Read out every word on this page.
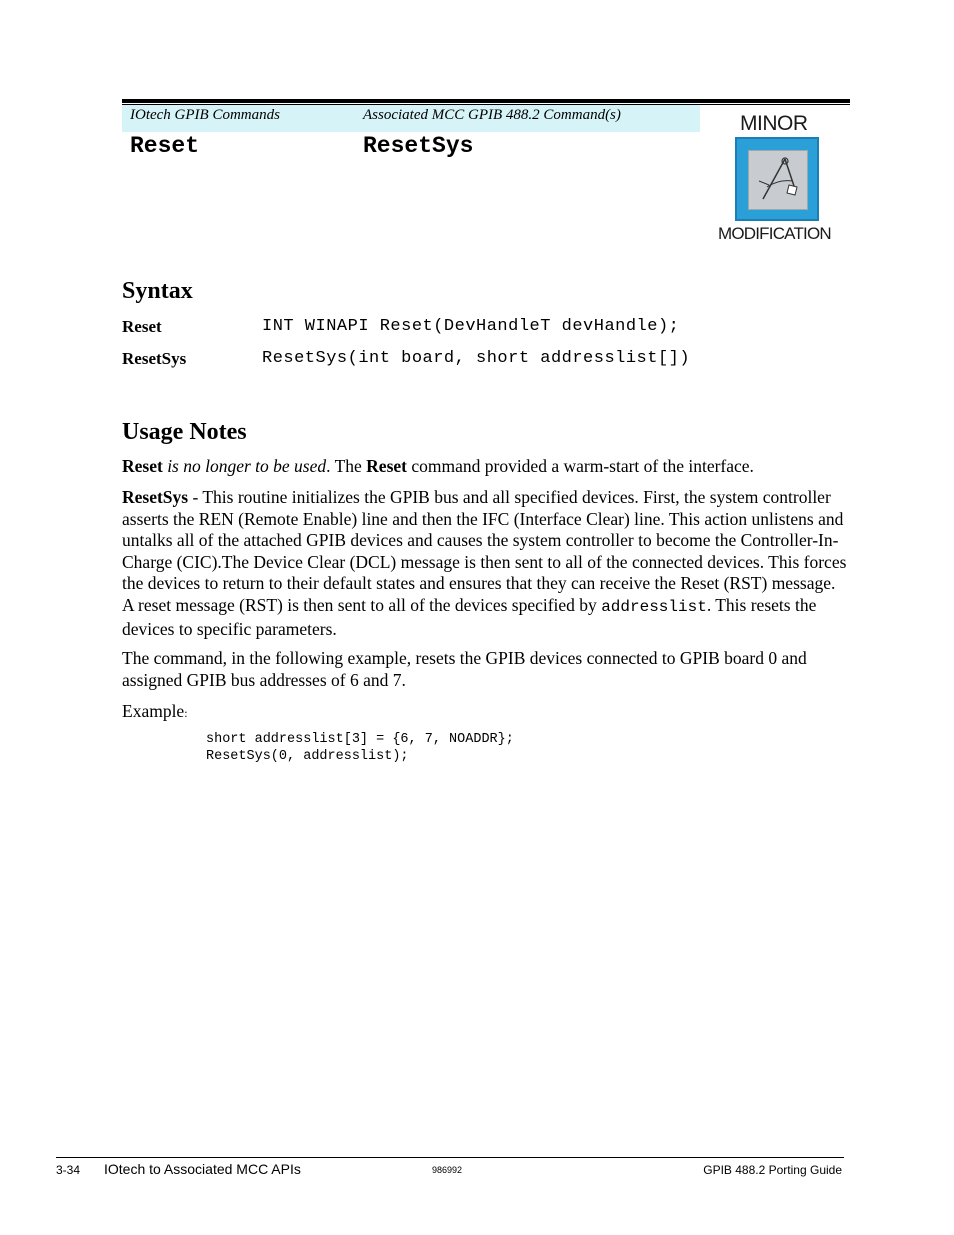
IOtech GPIB Commands	Associated MCC GPIB 488.2 Command(s)
Reset	ResetSys
MINOR
MODIFICATION
Syntax
Reset	INT WINAPI Reset(DevHandleT devHandle);
ResetSys	ResetSys(int board, short addresslist[])
Usage Notes

Reset is no longer to be used. The Reset command provided a warm-start of the interface.

ResetSys - This routine initializes the GPIB bus and all specified devices. First, the system controller asserts the REN (Remote Enable) line and then the IFC (Interface Clear) line. This action unlistens and untalks all of the attached GPIB devices and causes the system controller to become the Controller-In-Charge (CIC).The Device Clear (DCL) message is then sent to all of the connected devices. This forces the devices to return to their default states and ensures that they can receive the Reset (RST) message. A reset message (RST) is then sent to all of the devices specified by addresslist. This resets the devices to specific parameters.

The command, in the following example, resets the GPIB devices connected to GPIB board 0 and assigned GPIB bus addresses of 6 and 7.

Example:
short addresslist[3] = {6, 7, NOADDR};
ResetSys(0, addresslist);
3-34 IOtech to Associated MCC APIs	986992	GPIB 488.2 Porting Guide
